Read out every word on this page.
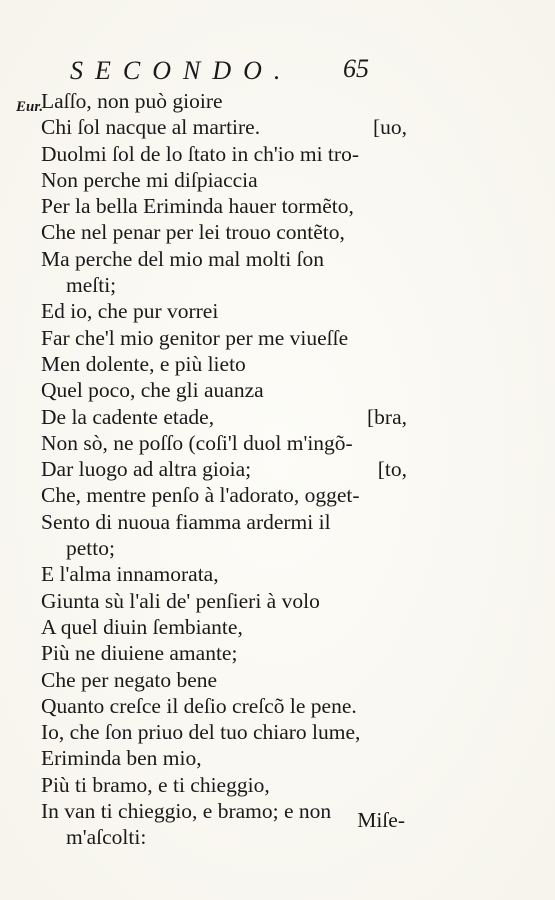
SECONDO. 65
Eur.
Laſſo, non può gioire
Chi ſol nacque al martire.	[uo,
Duolmi ſol de lo ſtato in ch'io mi tro-
Non perche mi diſpiaccia
Per la bella Eriminda hauer tormẽto,
Che nel penar per lei trouo contẽto,
Ma perche del mio mal molti ſon
meſti;
Ed io, che pur vorrei
Far che'l mio genitor per me viueſſe
Men dolente, e più lieto
Quel poco, che gli auanza
De la cadente etade,	[bra,
Non sò, ne poſſo (coſi'l duol m'ingõ-
Dar luogo ad altra gioia;	[to,
Che, mentre penſo à l'adorato, ogget-
Sento di nuoua fiamma ardermi il
petto;
E l'alma innamorata,
Giunta sù l'ali de' penſieri à volo
A quel diuin ſembiante,
Più ne diuiene amante;
Che per negato bene
Quanto creſce il deſio creſcõ le pene.
Io, che ſon priuo del tuo chiaro lume,
Eriminda ben mio,
Più ti bramo, e ti chieggio,
In van ti chieggio, e bramo; e non
m'aſcolti:
Miſe-
